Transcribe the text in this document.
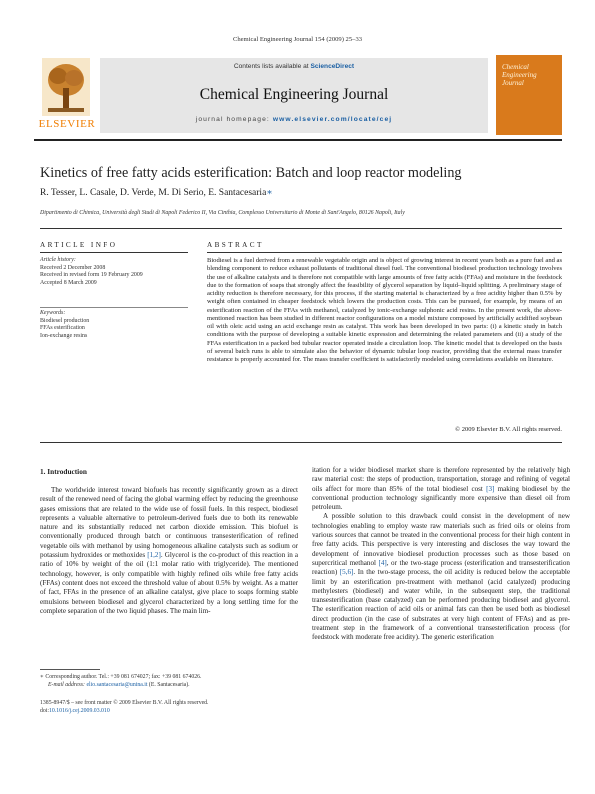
Chemical Engineering Journal 154 (2009) 25–33
ELSEVIER
Contents lists available at ScienceDirect
Chemical Engineering Journal
journal homepage: www.elsevier.com/locate/cej
Chemical Engineering Journal
Kinetics of free fatty acids esterification: Batch and loop reactor modeling
R. Tesser, L. Casale, D. Verde, M. Di Serio, E. Santacesaria∗
Dipartimento di Chimica, Università degli Studi di Napoli Federico II, Via Cinthia, Complesso Universitario di Monte di Sant'Angelo, 80126 Napoli, Italy
ARTICLE INFO
Article history:
Received 2 December 2008
Received in revised form 19 February 2009
Accepted 8 March 2009
Keywords:
Biodiesel production
FFAs esterification
Ion-exchange resins
ABSTRACT

Biodiesel is a fuel derived from a renewable vegetable origin and is object of growing interest in recent years both as a pure fuel and as blending component to reduce exhaust pollutants of traditional diesel fuel. The conventional biodiesel production technology involves the use of alkaline catalysts and is therefore not compatible with large amounts of free fatty acids (FFAs) and moisture in the feedstock due to the formation of soaps that strongly affect the feasibility of glycerol separation by liquid–liquid splitting. A preliminary stage of acidity reduction is therefore necessary, for this process, if the starting material is characterized by a free acidity higher than 0.5% by weight often contained in cheaper feedstock which lowers the production costs. This can be pursued, for example, by means of an esterification reaction of the FFAs with methanol, catalyzed by ionic-exchange sulphonic acid resins. In the present work, the above-mentioned reaction has been studied in different reactor configurations on a model mixture composed by artificially acidified soybean oil with oleic acid using an acid exchange resin as catalyst. This work has been developed in two parts: (i) a kinetic study in batch conditions with the purpose of developing a suitable kinetic expression and determining the related parameters and (ii) a study of the FFAs esterification in a packed bed tubular reactor operated inside a circulation loop. The kinetic model that is developed on the basis of several batch runs is able to simulate also the behavior of dynamic tubular loop reactor, providing that the external mass transfer resistance is properly accounted for. The mass transfer coefficient is satisfactorily modeled using correlations available on literature.

© 2009 Elsevier B.V. All rights reserved.
1. Introduction

The worldwide interest toward biofuels has recently significantly grown as a direct result of the renewed need of facing the global warming effect by reducing the greenhouse gases emissions that are related to the wide use of fossil fuels. In this respect, biodiesel represents a valuable alternative to petroleum-derived fuels due to both its renewable nature and its substantially reduced net carbon dioxide emission. This biofuel is conventionally produced through batch or continuous transesterification of refined vegetable oils with methanol by using homogeneous alkaline catalysts such as sodium or potassium hydroxides or methoxides [1,2]. Glycerol is the co-product of this reaction in a ratio of 10% by weight of the oil (1:1 molar ratio with triglyceride). The mentioned technology, however, is only compatible with highly refined oils while free fatty acids (FFAs) content does not exceed the threshold value of about 0.5% by weight. As a matter of fact, FFAs in the presence of an alkaline catalyst, give place to soaps forming stable emulsions between biodiesel and glycerol characterized by a long settling time for the complete separation of the two liquid phases. The main lim-

itation for a wider biodiesel market share is therefore represented by the relatively high raw material cost: the steps of production, transportation, storage and refining of vegetal oils affect for more than 85% of the total biodiesel cost [3] making biodiesel by the conventional production technology significantly more expensive than diesel oil from petroleum.

A possible solution to this drawback could consist in the development of new technologies enabling to employ waste raw materials such as fried oils or oleins from various sources that cannot be treated in the conventional process for their high content in free fatty acids. This perspective is very interesting and discloses the way toward the development of innovative biodiesel production processes such as those based on supercritical methanol [4], or the two-stage process (esterification and transesterification reaction) [5,6]. In the two-stage process, the oil acidity is reduced below the acceptable limit by an esterification pre-treatment with methanol (acid catalyzed) producing methylesters (biodiesel) and water while, in the subsequent step, the traditional transesterification (base catalyzed) can be performed producing biodiesel and glycerol. The esterification reaction of acid oils or animal fats can then be used both as biodiesel direct production (in the case of substrates at very high content of FFAs) and as pre-treatment step in the framework of a conventional transesterification process (for feedstock with moderate free acidity). The generic esterification

∗ Corresponding author. Tel.: +39 081 674027; fax: +39 081 674026.
E-mail address: elio.santacesaria@unina.it (E. Santacesaria).
1385-8947/$ – see front matter © 2009 Elsevier B.V. All rights reserved.
doi:10.1016/j.cej.2009.03.010
